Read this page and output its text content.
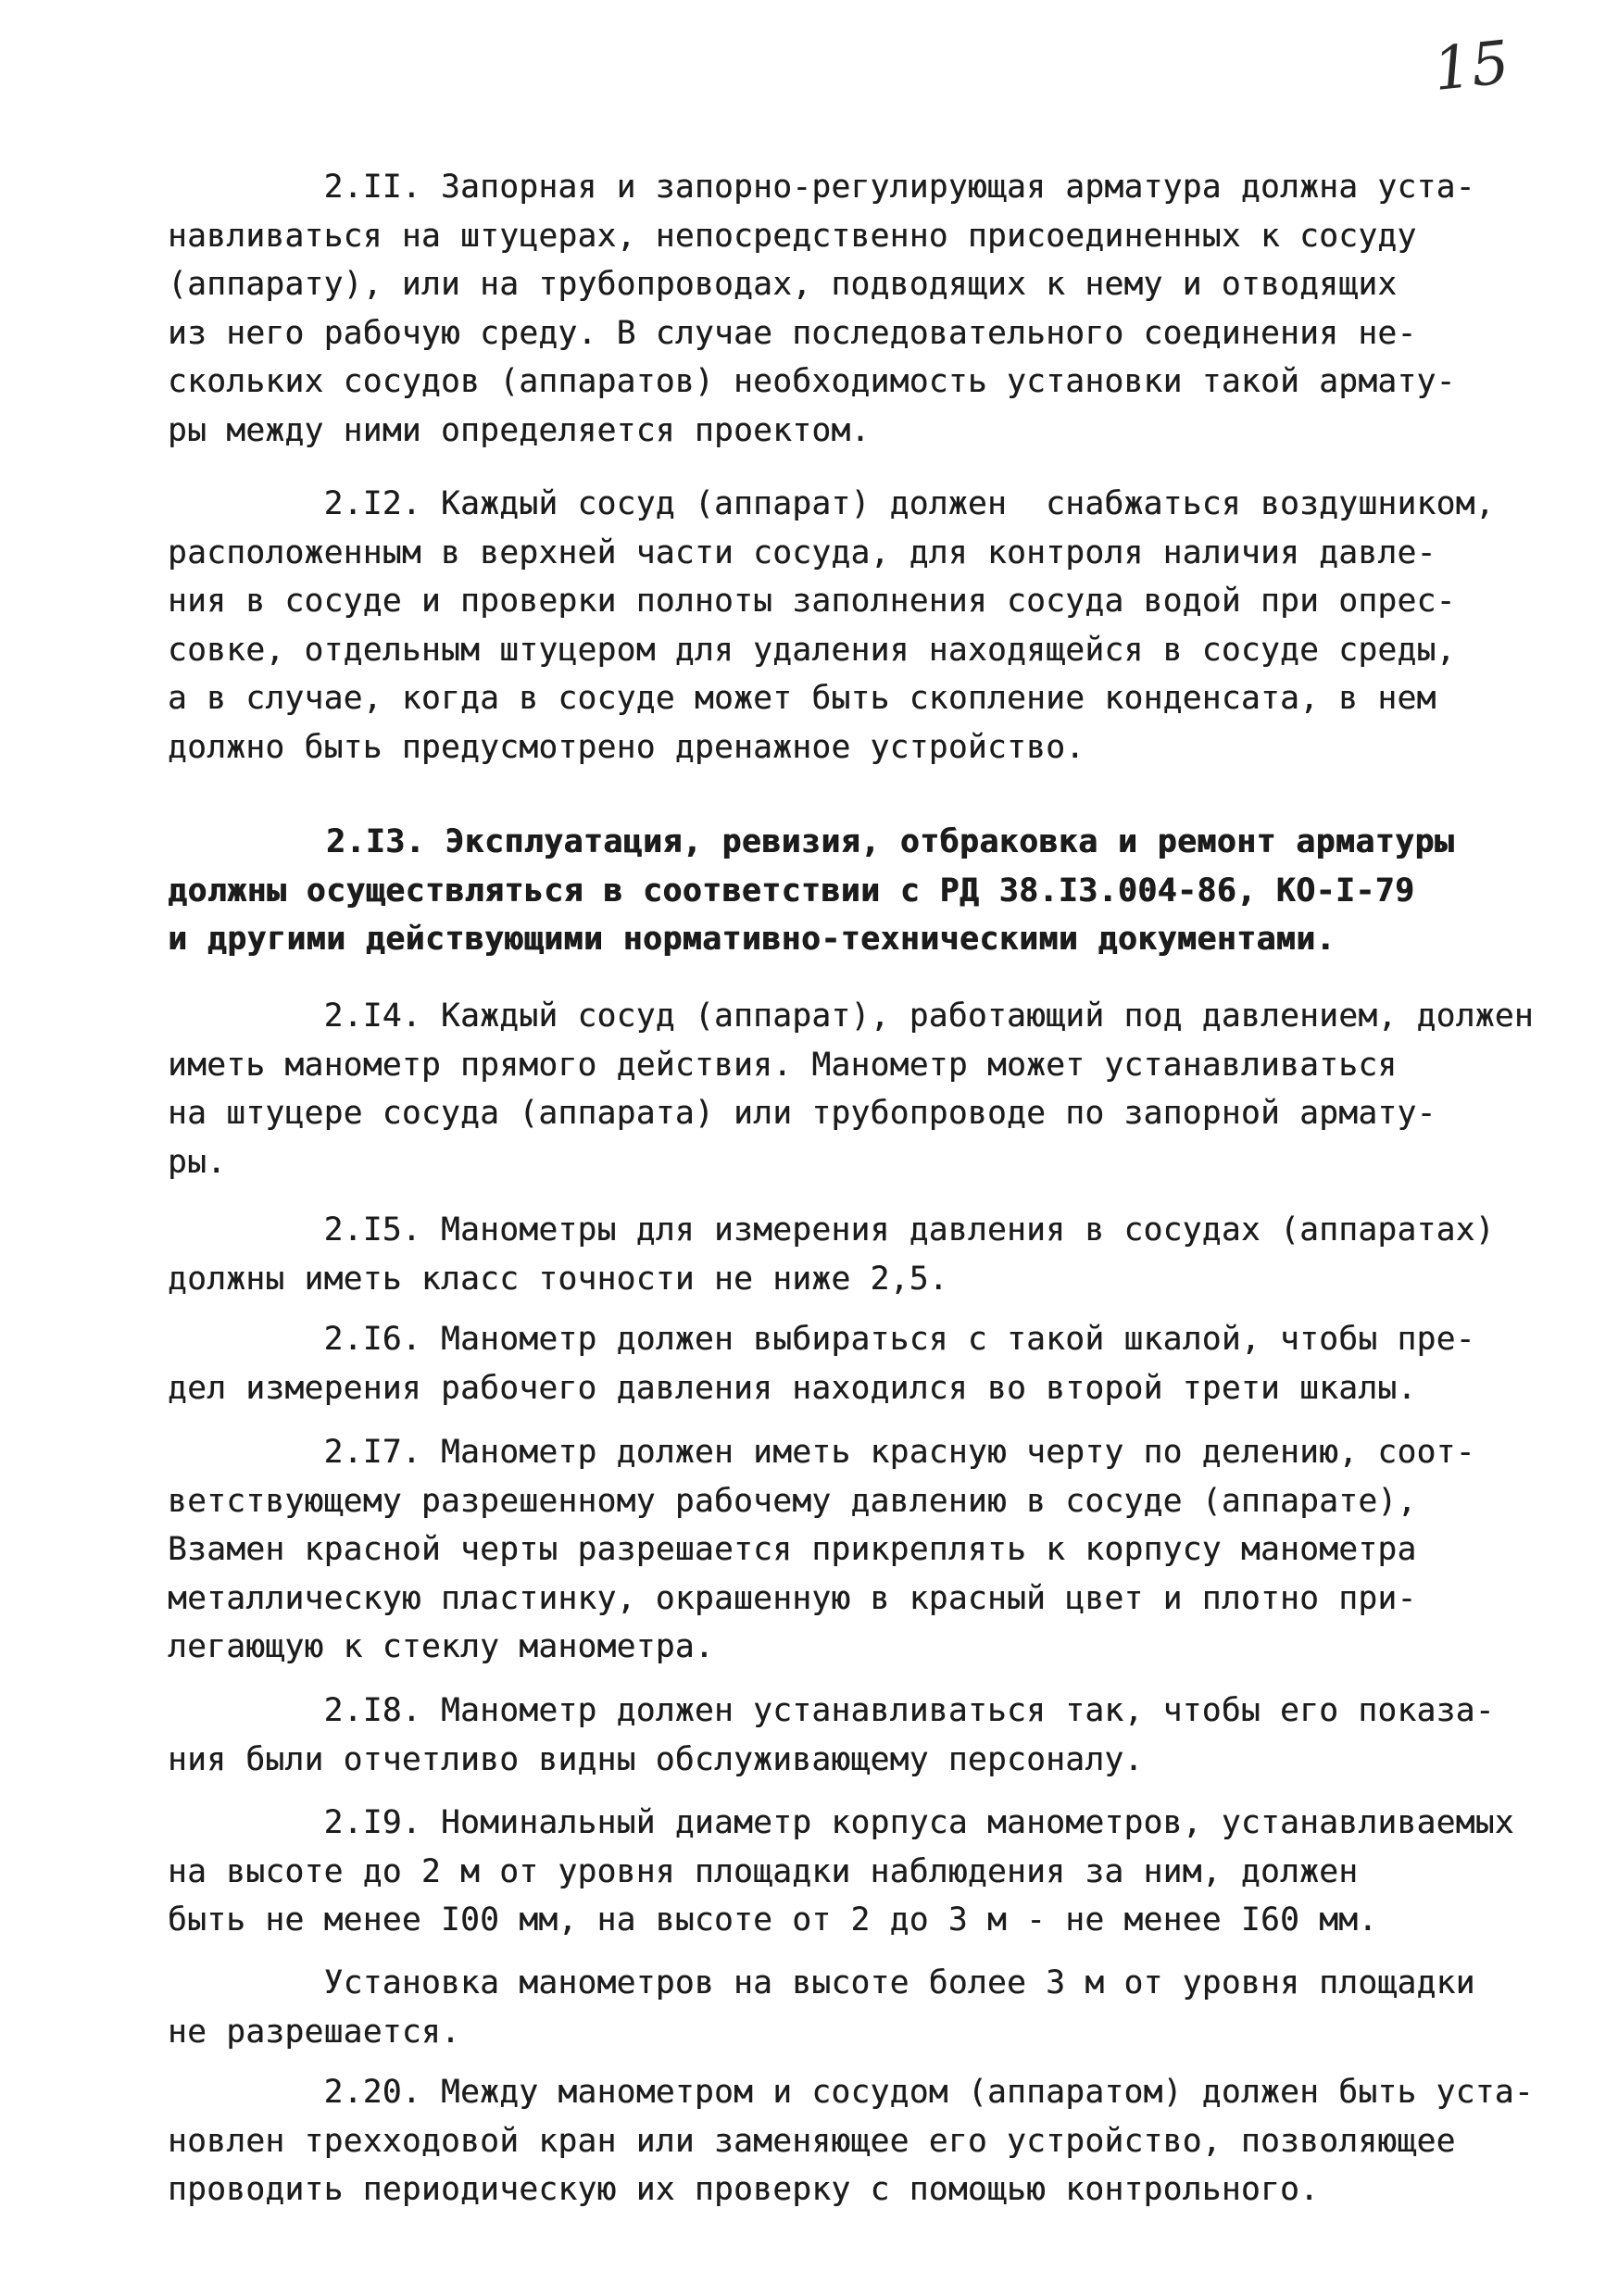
15

2.II. Запорная и запорно-регулирующая арматура должна уста-
навливаться на штуцерах, непосредственно присоединенных к сосуду
(аппарату), или на трубопроводах, подводящих к нему и отводящих
из него рабочую среду. В случае последовательного соединения не-
скольких сосудов (аппаратов) необходимость установки такой армату-
ры между ними определяется проектом.

2.I2. Каждый сосуд (аппарат) должен  снабжаться воздушником,
расположенным в верхней части сосуда, для контроля наличия давле-
ния в сосуде и проверки полноты заполнения сосуда водой при опрес-
совке, отдельным штуцером для удаления находящейся в сосуде среды,
а в случае, когда в сосуде может быть скопление конденсата, в нем
должно быть предусмотрено дренажное устройство.

2.I3. Эксплуатация, ревизия, отбраковка и ремонт арматуры
должны осуществляться в соответствии с РД 38.I3.004-86, КО-I-79
и другими действующими нормативно-техническими документами.

2.I4. Каждый сосуд (аппарат), работающий под давлением, должен
иметь манометр прямого действия. Манометр может устанавливаться
на штуцере сосуда (аппарата) или трубопроводе по запорной армату-
ры.

2.I5. Манометры для измерения давления в сосудах (аппаратах)
должны иметь класс точности не ниже 2,5.

2.I6. Манометр должен выбираться с такой шкалой, чтобы пре-
дел измерения рабочего давления находился во второй трети шкалы.

2.I7. Манометр должен иметь красную черту по делению, соот-
ветствующему разрешенному рабочему давлению в сосуде (аппарате),
Взамен красной черты разрешается прикреплять к корпусу манометра
металлическую пластинку, окрашенную в красный цвет и плотно при-
легающую к стеклу манометра.

2.I8. Манометр должен устанавливаться так, чтобы его показа-
ния были отчетливо видны обслуживающему персоналу.

2.I9. Номинальный диаметр корпуса манометров, устанавливаемых
на высоте до 2 м от уровня площадки наблюдения за ним, должен
быть не менее I00 мм, на высоте от 2 до 3 м - не менее I60 мм.

Установка манометров на высоте более 3 м от уровня площадки
не разрешается.

2.20. Между манометром и сосудом (аппаратом) должен быть уста-
новлен трехходовой кран или заменяющее его устройство, позволяющее
проводить периодическую их проверку с помощью контрольного.
